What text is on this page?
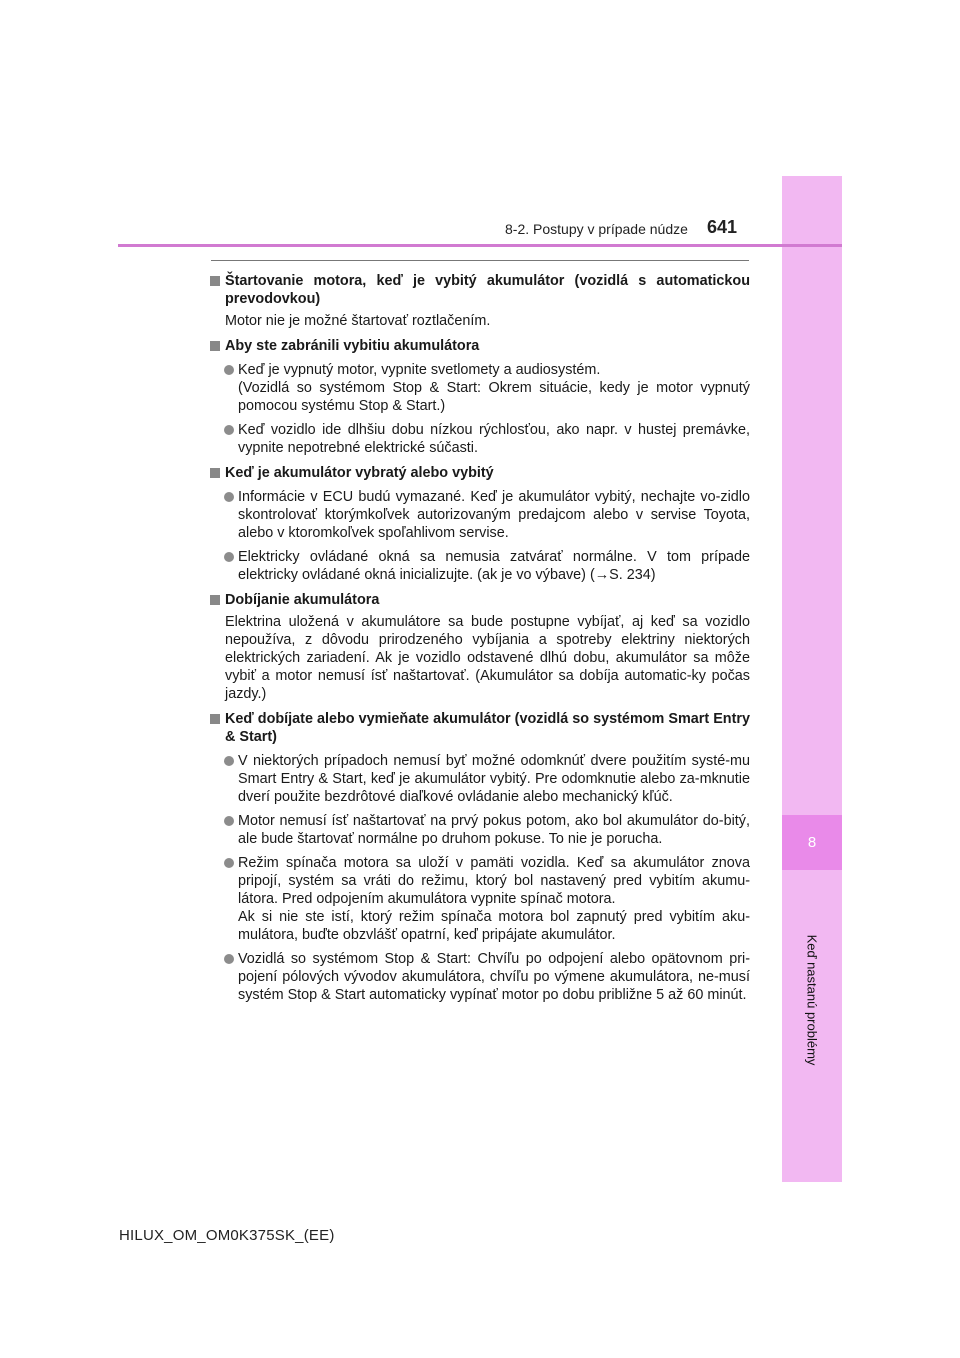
8
Keď nastanú problémy
8-2. Postupy v prípade núdze 641
Štartovanie motora, keď je vybitý akumulátor (vozidlá s automatickou prevodovkou)
Motor nie je možné štartovať roztlačením.
Aby ste zabránili vybitiu akumulátora
Keď je vypnutý motor, vypnite svetlomety a audiosystém.
(Vozidlá so systémom Stop & Start: Okrem situácie, kedy je motor vypnutý pomocou systému Stop & Start.)
Keď vozidlo ide dlhšiu dobu nízkou rýchlosťou, ako napr. v hustej premávke, vypnite nepotrebné elektrické súčasti.
Keď je akumulátor vybratý alebo vybitý
Informácie v ECU budú vymazané. Keď je akumulátor vybitý, nechajte vo-zidlo skontrolovať ktorýmkoľvek autorizovaným predajcom alebo v servise Toyota, alebo v ktoromkoľvek spoľahlivom servise.
Elektricky ovládané okná sa nemusia zatvárať normálne. V tom prípade elektricky ovládané okná inicializujte. (ak je vo výbave) (→S. 234)
Dobíjanie akumulátora
Elektrina uložená v akumulátore sa bude postupne vybíjať, aj keď sa vozidlo nepoužíva, z dôvodu prirodzeného vybíjania a spotreby elektriny niektorých elektrických zariadení. Ak je vozidlo odstavené dlhú dobu, akumulátor sa môže vybiť a motor nemusí ísť naštartovať. (Akumulátor sa dobíja automatic-ky počas jazdy.)
Keď dobíjate alebo vymieňate akumulátor (vozidlá so systémom Smart Entry & Start)
V niektorých prípadoch nemusí byť možné odomknúť dvere použitím systé-mu Smart Entry & Start, keď je akumulátor vybitý. Pre odomknutie alebo za-mknutie dverí použite bezdrôtové diaľkové ovládanie alebo mechanický kľúč.
Motor nemusí ísť naštartovať na prvý pokus potom, ako bol akumulátor do-bitý, ale bude štartovať normálne po druhom pokuse. To nie je porucha.
Režim spínača motora sa uloží v pamäti vozidla. Keď sa akumulátor znova pripojí, systém sa vráti do režimu, ktorý bol nastavený pred vybitím akumu-látora. Pred odpojením akumulátora vypnite spínač motora.
Ak si nie ste istí, ktorý režim spínača motora bol zapnutý pred vybitím aku-mulátora, buďte obzvlášť opatrní, keď pripájate akumulátor.
Vozidlá so systémom Stop & Start: Chvíľu po odpojení alebo opätovnom pri-pojení pólových vývodov akumulátora, chvíľu po výmene akumulátora, ne-musí systém Stop & Start automaticky vypínať motor po dobu približne 5 až 60 minút.
HILUX_OM_OM0K375SK_(EE)
